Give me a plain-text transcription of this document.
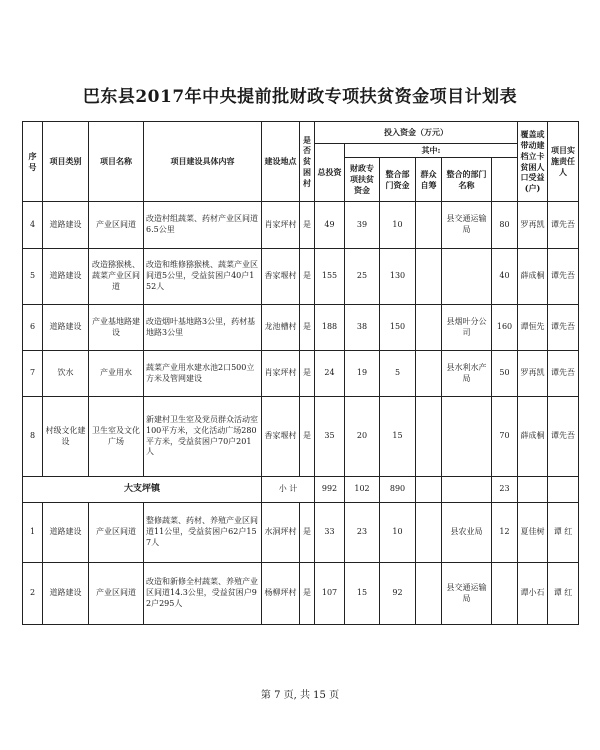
巴东县2017年中央提前批财政专项扶贫资金项目计划表
序号	项目类别	项目名称	项目建设具体内容	建设地点	是否贫困村	投入资金（万元）						覆盖或带动建档立卡贫困人口受益(户)	项目实施责任人	
						总投资	其中:							
							财政专项扶贫资金	整合部门资金	群众自筹	整合的部门名称				
4	道路建设	产业区间道	改造村组蔬菜、药材产业区间道6.5公里	肖家坪村	是	49	39	10		县交通运输局	80	罗再凯	谭先吾	
5	道路建设	改造猕猴桃、蔬菜产业区间道	改造和维修猕猴桃、蔬菜产业区间道5公里，受益贫困户40户152人	香家堰村	是	155	25	130			40	薛成桐	谭先吾	
6	道路建设	产业基地路建设	改造烟叶基地路3公里，药材基地路3公里	龙池槽村	是	188	38	150		县烟叶分公司	160	谭恒先	谭先吾	
7	饮水	产业用水	蔬菜产业用水建水池2口500立方米及管网建设	肖家坪村	是	24	19	5		县水利水产局	50	罗再凯	谭先吾	
8	村级文化建设	卫生室及文化广场	新建村卫生室及党员群众活动室100平方米，文化活动广场280平方米，受益贫困户70户201人	香家堰村	是	35	20	15			70	薛成桐	谭先吾	
大支坪镇				小 计		992	102	890			23			
1	道路建设	产业区间道	整修蔬菜、药材、养殖产业区间道11公里，受益贫困户62户157人	水洞坪村	是	33	23	10		县农业局	12	夏佳树	谭 红	
2	道路建设	产业区间道	改造和新修全村蔬菜、养殖产业区间道14.3公里，受益贫困户92户295人	杨柳坪村	是	107	15	92		县交通运输局		谭小石	谭 红	
第 7 页, 共 15 页
